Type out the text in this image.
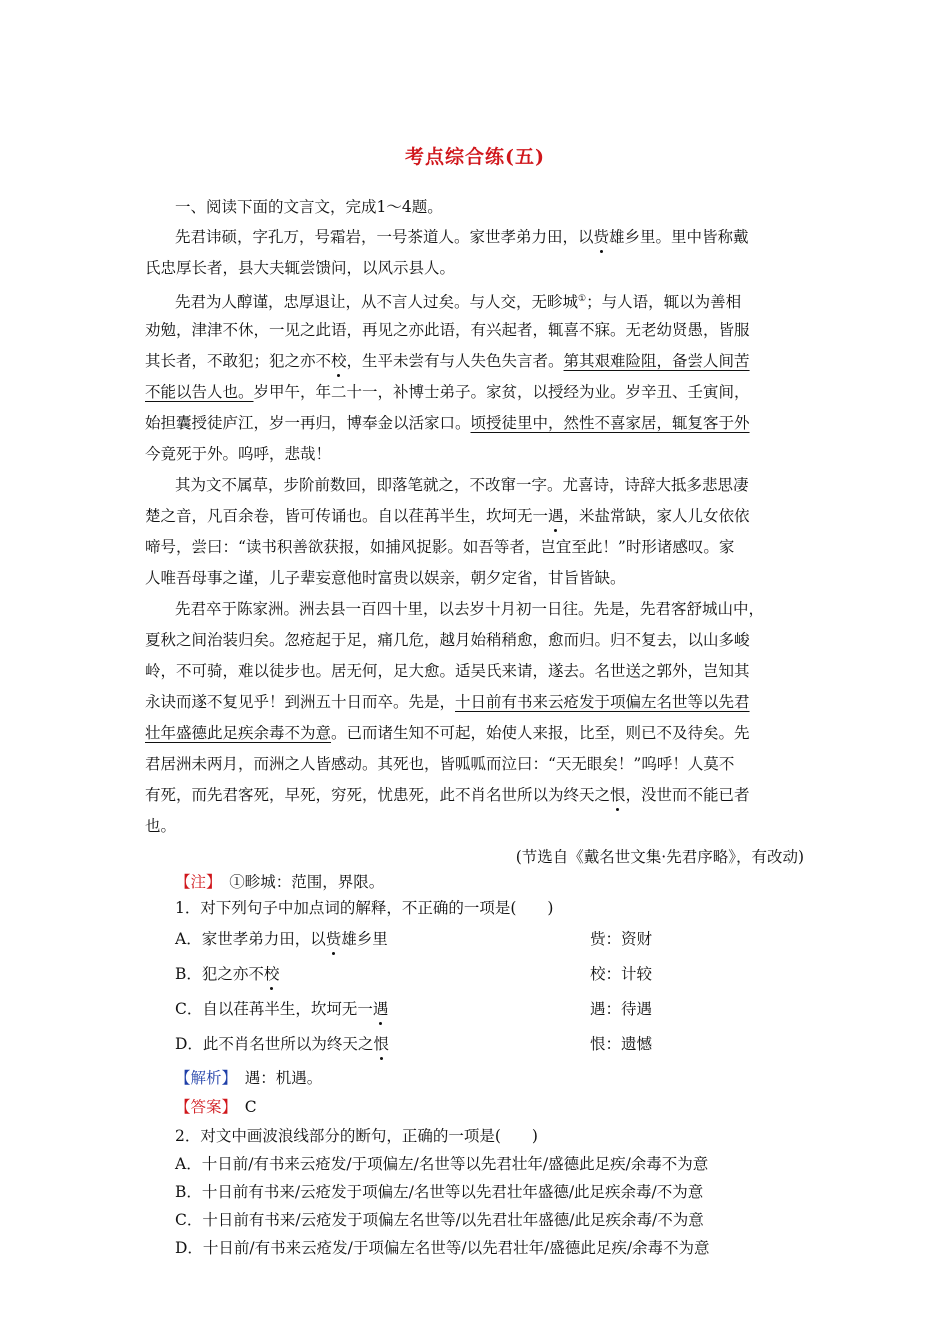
考点综合练(五)
一、阅读下面的文言文，完成1～4题。
先君讳硕，字孔万，号霜岩，一号茶道人。家世孝弟力田，以赀雄乡里。里中皆称戴
氏忠厚长者，县大夫辄尝馈问，以风示县人。
先君为人醇谨，忠厚退让，从不言人过矣。与人交，无畛城①；与人语，辄以为善相
劝勉，津津不休，一见之此语，再见之亦此语，有兴起者，辄喜不寐。无老幼贤愚，皆服
其长者，不敢犯；犯之亦不校，生平未尝有与人失色失言者。第其艰难险阻，备尝人间苦
不能以告人也。岁甲午，年二十一，补博士弟子。家贫，以授经为业。岁辛丑、壬寅间，
始担囊授徒庐江，岁一再归，博奉金以活家口。顷授徒里中，然性不喜家居，辄复客于外
今竟死于外。呜呼，悲哉！
其为文不属草，步阶前数回，即落笔就之，不改窜一字。尤喜诗，诗辞大抵多悲思凄
楚之音，凡百余卷，皆可传诵也。自以荏苒半生，坎坷无一遇，米盐常缺，家人儿女依依
啼号，尝曰：“读书积善欲获报，如捕风捉影。如吾等者，岂宜至此！”时形诸感叹。家
人唯吾母事之谨，儿子辈妄意他时富贵以娱亲，朝夕定省，甘旨皆缺。
先君卒于陈家洲。洲去县一百四十里，以去岁十月初一日往。先是，先君客舒城山中，
夏秋之间治装归矣。忽疮起于足，痛几危，越月始稍稍愈，愈而归。归不复去，以山多峻
岭，不可骑，难以徒步也。居无何，足大愈。适吴氏来请，遂去。名世送之郭外，岂知其
永诀而遂不复见乎！到洲五十日而卒。先是，十日前有书来云疮发于项偏左名世等以先君
壮年盛德此足疾余毒不为意。已而诸生知不可起，始使人来报，比至，则已不及待矣。先
君居洲未两月，而洲之人皆感动。其死也，皆呱呱而泣曰：“天无眼矣！”呜呼！人莫不
有死，而先君客死，早死，穷死，忧患死，此不肖名世所以为终天之恨，没世而不能已者
也。
(节选自《戴名世文集·先君序略》，有改动)
【注】　 ①畛城：范围，界限。
1．对下列句子中加点词的解释，不正确的一项是(　　)
A．家世孝弟力田，以赀雄乡里	赀：资财
B．犯之亦不校	校：计较
C．自以荏苒半生，坎坷无一遇	遇：待遇
D．此不肖名世所以为终天之恨	恨：遗憾
【解析】　 遇：机遇。
【答案】　 C
2．对文中画波浪线部分的断句，正确的一项是(　　)
A．十日前/有书来云疮发/于项偏左/名世等以先君壮年/盛德此足疾/余毒不为意
B．十日前有书来/云疮发于项偏左/名世等以先君壮年盛德/此足疾余毒/不为意
C．十日前有书来/云疮发于项偏左名世等/以先君壮年盛德/此足疾余毒/不为意
D．十日前/有书来云疮发/于项偏左名世等/以先君壮年/盛德此足疾/余毒不为意
